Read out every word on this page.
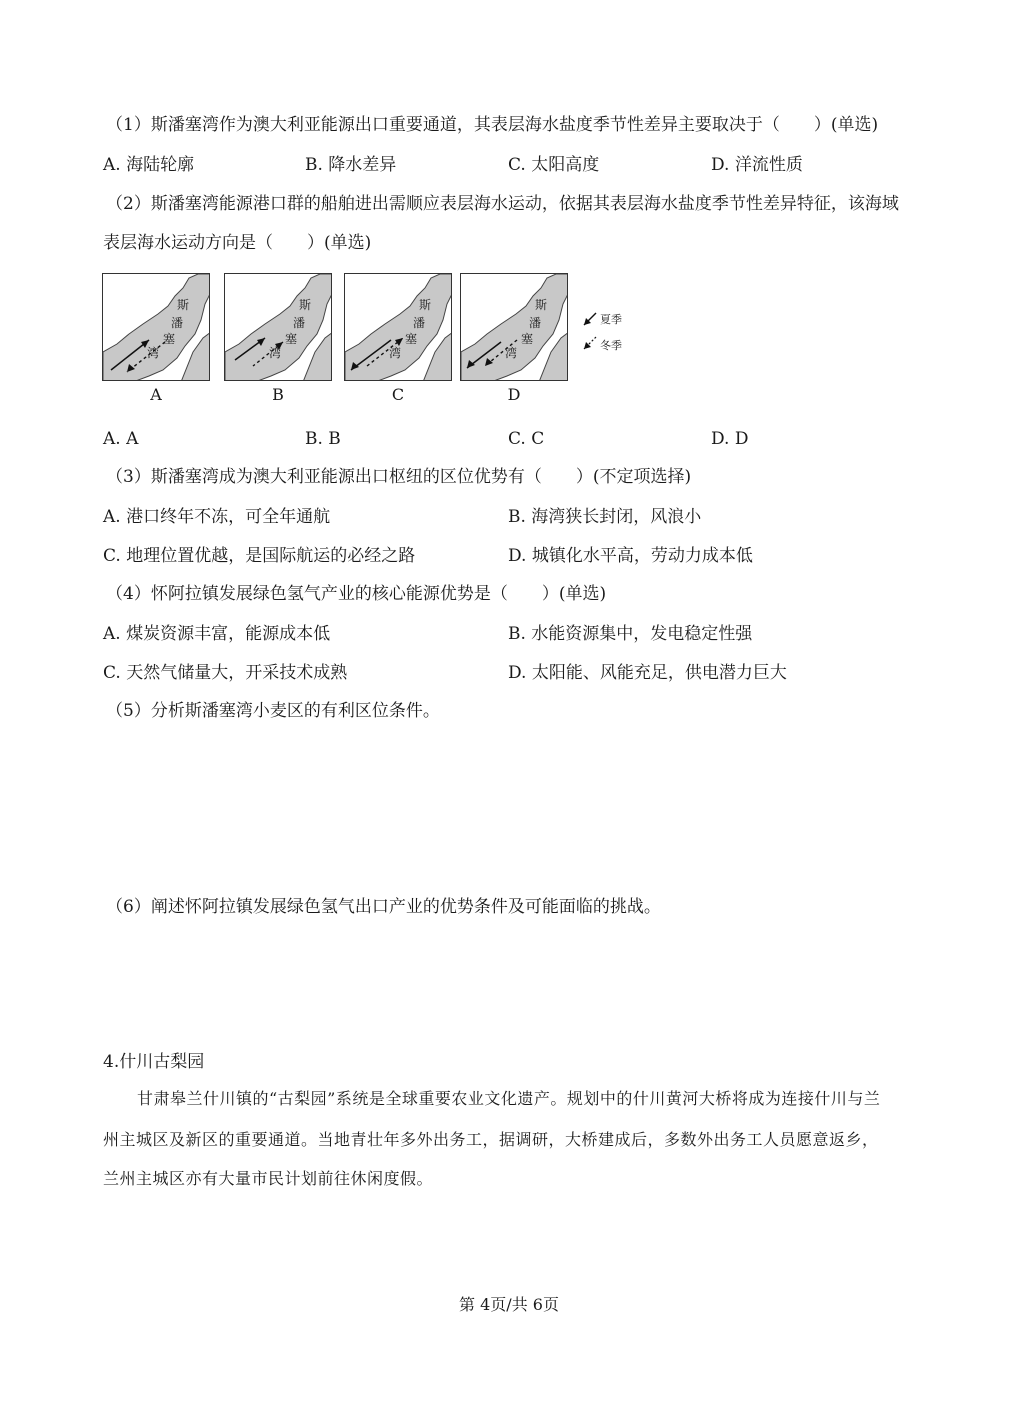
（1）斯潘塞湾作为澳大利亚能源出口重要通道，其表层海水盐度季节性差异主要取决于（　　）(单选)
A. 海陆轮廓	B. 降水差异	C. 太阳高度	D. 洋流性质
（2）斯潘塞湾能源港口群的船舶进出需顺应表层海水运动，依据其表层海水盐度季节性差异特征，该海域
表层海水运动方向是（　　）(单选)
斯
潘
塞
湾
斯
潘
塞
湾
斯
潘
塞
湾
斯
潘
塞
湾
A	B	C	D
夏季
冬季
A. A	B. B	C. C	D. D
（3）斯潘塞湾成为澳大利亚能源出口枢纽的区位优势有（　　）(不定项选择)
A. 港口终年不冻，可全年通航	B. 海湾狭长封闭，风浪小
C. 地理位置优越，是国际航运的必经之路	D. 城镇化水平高，劳动力成本低
（4）怀阿拉镇发展绿色氢气产业的核心能源优势是（　　）(单选)
A. 煤炭资源丰富，能源成本低	B. 水能资源集中，发电稳定性强
C. 天然气储量大，开采技术成熟	D. 太阳能、风能充足，供电潜力巨大
（5）分析斯潘塞湾小麦区的有利区位条件。
（6）阐述怀阿拉镇发展绿色氢气出口产业的优势条件及可能面临的挑战。
4.什川古梨园
甘肃皋兰什川镇的“古梨园”系统是全球重要农业文化遗产。规划中的什川黄河大桥将成为连接什川与兰
州主城区及新区的重要通道。当地青壮年多外出务工，据调研，大桥建成后，多数外出务工人员愿意返乡，
兰州主城区亦有大量市民计划前往休闲度假。
第 4页/共 6页
